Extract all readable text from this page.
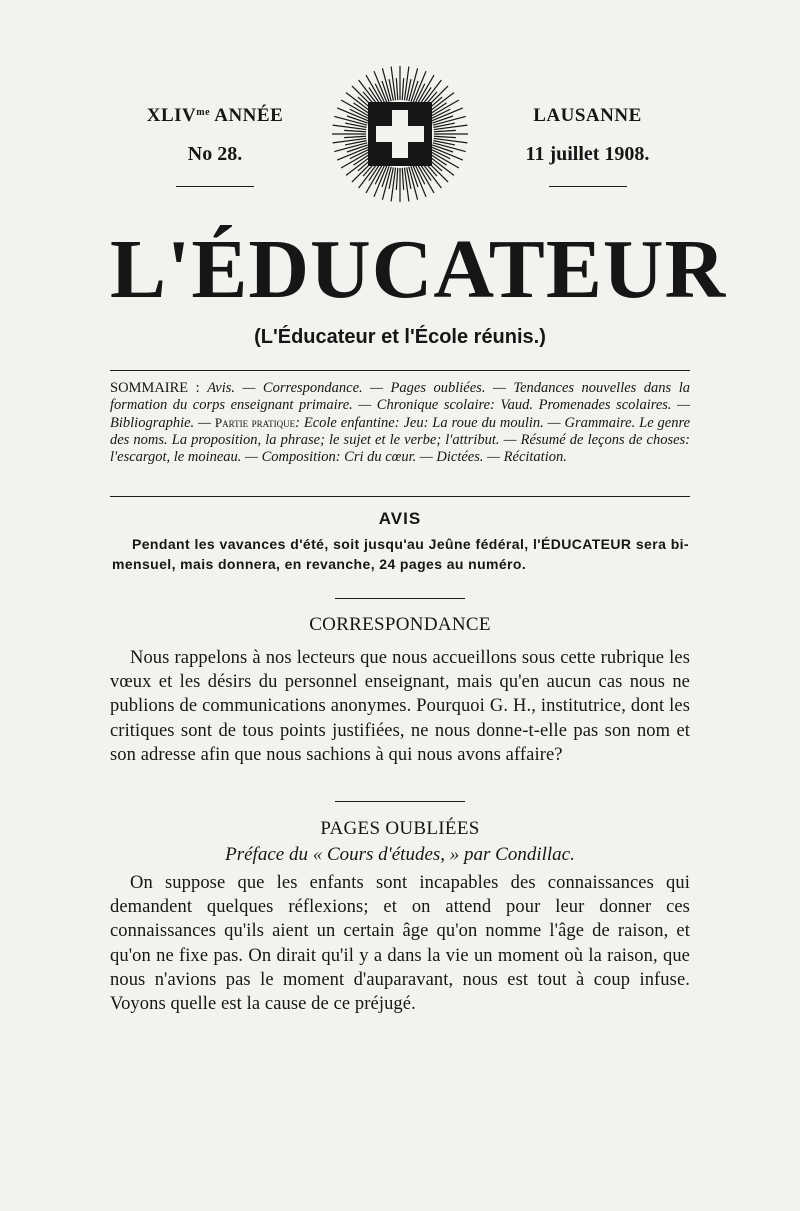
$XLIV^{me}$ ANNÉE
No 28.
LAUSANNE
11 juillet 1908.
L'ÉDUCATEUR
(L'Éducateur et l'École réunis.)
SOMMAIRE : Avis. — Correspondance. — Pages oubliées. — Tendances nouvelles dans la formation du corps enseignant primaire. — Chronique scolaire: Vaud. Promenades scolaires. — Bibliographie. — Partie pratique: Ecole enfantine: Jeu: La roue du moulin. — Grammaire. Le genre des noms. La proposition, la phrase; le sujet et le verbe; l'attribut. — Résumé de leçons de choses: l'escargot, le moineau. — Composition: Cri du cœur. — Dictées. — Récitation.
AVIS
Pendant les vavances d'été, soit jusqu'au Jeûne fédéral, l'ÉDUCATEUR sera bi-mensuel, mais donnera, en revanche, 24 pages au numéro.
CORRESPONDANCE
Nous rappelons à nos lecteurs que nous accueillons sous cette rubrique les vœux et les désirs du personnel enseignant, mais qu'en aucun cas nous ne publions de communications anonymes. Pourquoi G. H., institutrice, dont les critiques sont de tous points justifiées, ne nous donne-t-elle pas son nom et son adresse afin que nous sachions à qui nous avons affaire?
PAGES OUBLIÉES
Préface du « Cours d'études, » par Condillac.
On suppose que les enfants sont incapables des connaissances qui demandent quelques réflexions; et on attend pour leur donner ces connaissances qu'ils aient un certain âge qu'on nomme l'âge de raison, et qu'on ne fixe pas. On dirait qu'il y a dans la vie un moment où la raison, que nous n'avions pas le moment d'auparavant, nous est tout à coup infuse. Voyons quelle est la cause de ce préjugé.
